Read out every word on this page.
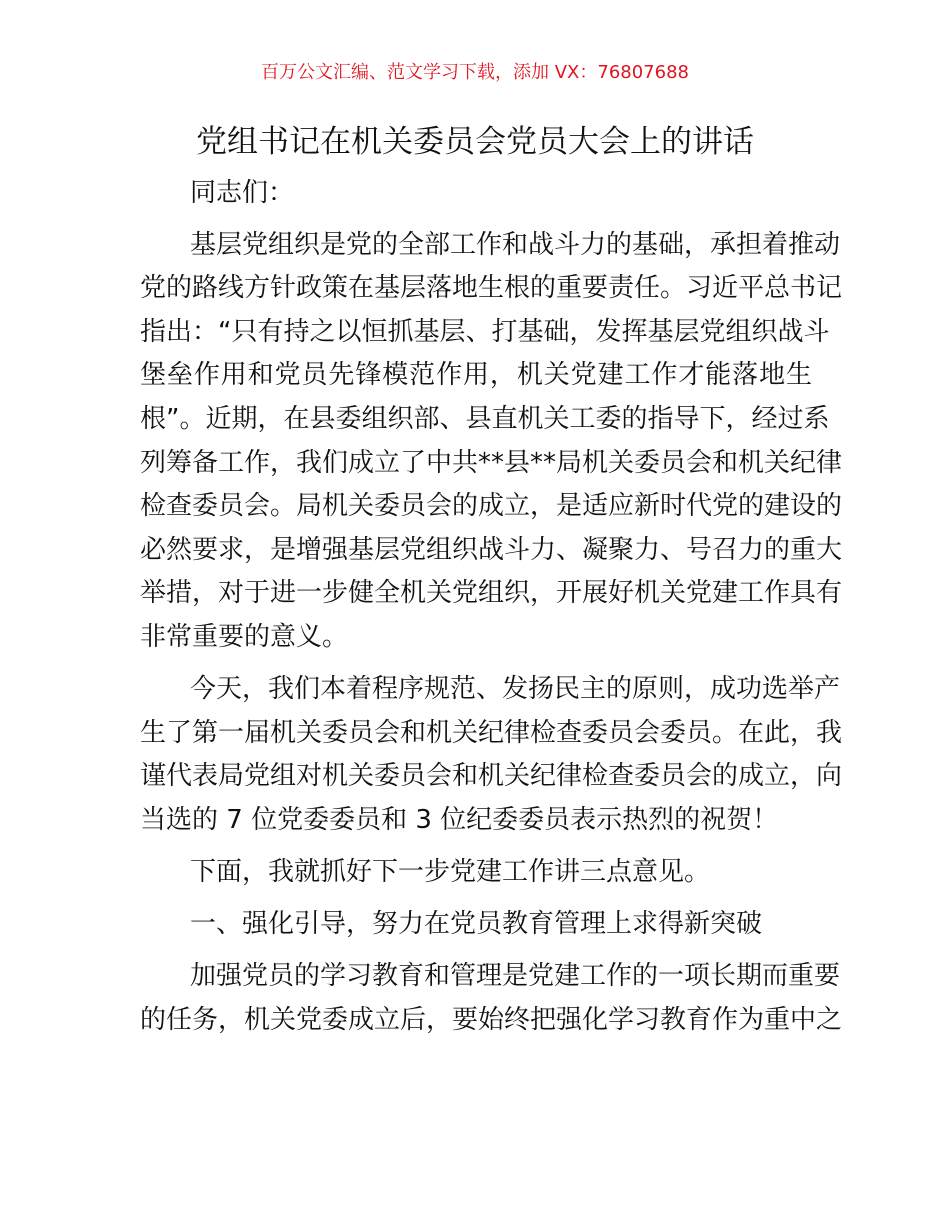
百万公文汇编、范文学习下载，添加 VX：76807688
党组书记在机关委员会党员大会上的讲话
同志们：
基层党组织是党的全部工作和战斗力的基础，承担着推动
党的路线方针政策在基层落地生根的重要责任。习近平总书记
指出：“只有持之以恒抓基层、打基础，发挥基层党组织战斗
堡垒作用和党员先锋模范作用，机关党建工作才能落地生
根”。近期，在县委组织部、县直机关工委的指导下，经过系
列筹备工作，我们成立了中共**县**局机关委员会和机关纪律
检查委员会。局机关委员会的成立，是适应新时代党的建设的
必然要求，是增强基层党组织战斗力、凝聚力、号召力的重大
举措，对于进一步健全机关党组织，开展好机关党建工作具有
非常重要的意义。
今天，我们本着程序规范、发扬民主的原则，成功选举产
生了第一届机关委员会和机关纪律检查委员会委员。在此，我
谨代表局党组对机关委员会和机关纪律检查委员会的成立，向
当选的 7 位党委委员和 3 位纪委委员表示热烈的祝贺！
下面，我就抓好下一步党建工作讲三点意见。
一、强化引导，努力在党员教育管理上求得新突破
加强党员的学习教育和管理是党建工作的一项长期而重要
的任务，机关党委成立后，要始终把强化学习教育作为重中之
